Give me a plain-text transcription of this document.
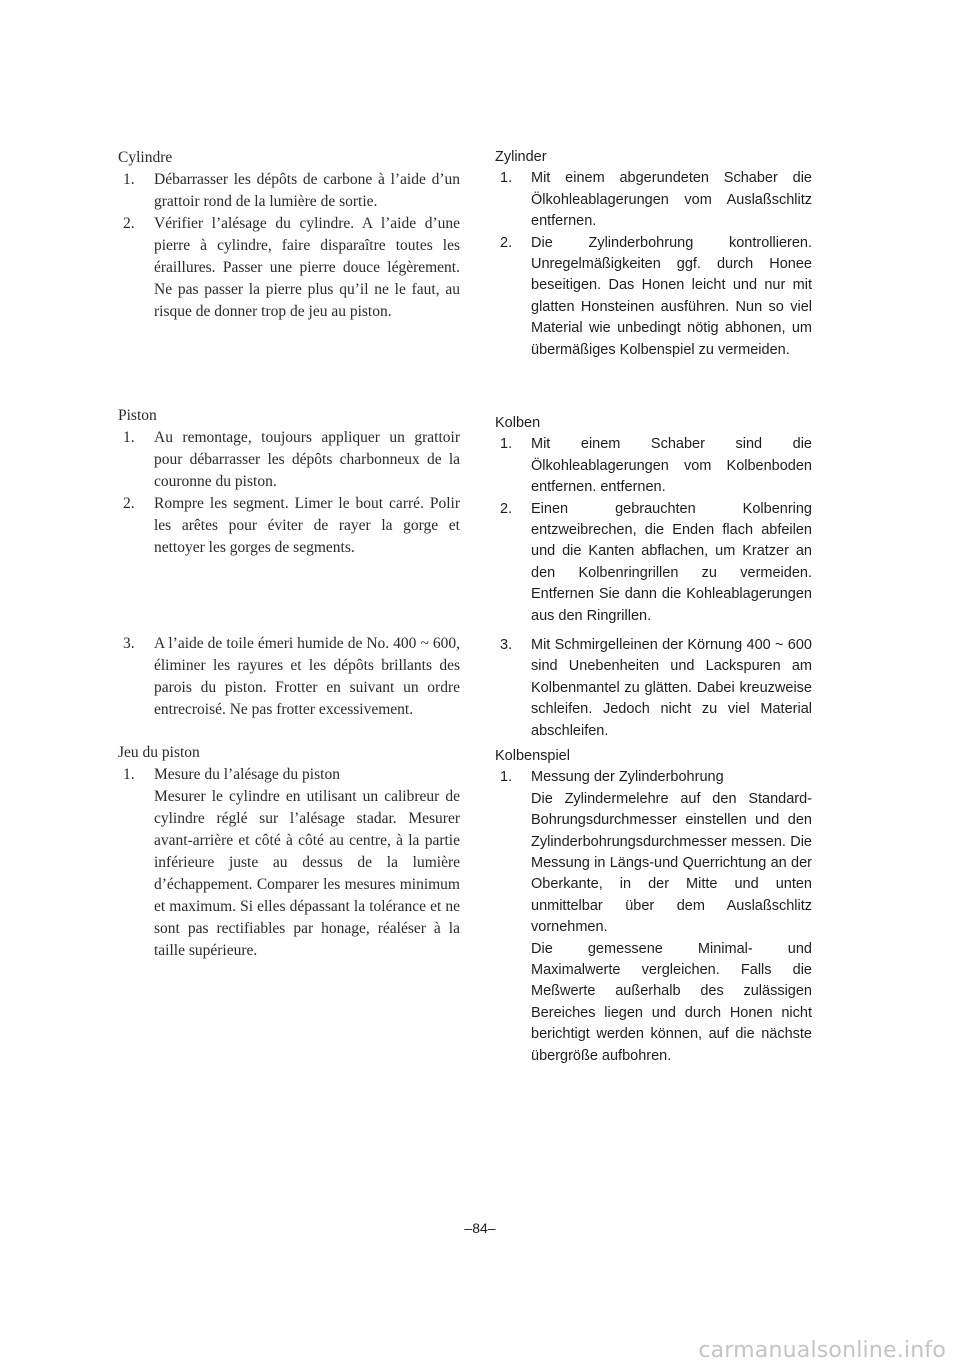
Cylindre
1. Débarrasser les dépôts de carbone à l’aide d’un grattoir rond de la lumière de sortie.
2. Vérifier l’alésage du cylindre. A l’aide d’une pierre à cylindre, faire disparaître toutes les éraillures. Passer une pierre douce légèrement. Ne pas passer la pierre plus qu’il ne le faut, au risque de donner trop de jeu au piston.
Piston
1. Au remontage, toujours appliquer un grattoir pour débarrasser les dépôts charbonneux de la couronne du piston.
2. Rompre les segment. Limer le bout carré. Polir les arêtes pour éviter de rayer la gorge et nettoyer les gorges de segments.
3. A l’aide de toile émeri humide de No. 400 ~ 600, éliminer les rayures et les dépôts brillants des parois du piston. Frotter en suivant un ordre entrecroisé. Ne pas frotter excessivement.
Jeu du piston
1. Mesure du l’alésage du piston
Mesurer le cylindre en utilisant un calibreur de cylindre réglé sur l’alésage stadar. Mesurer avant-arrière et côté à côté au centre, à la partie inférieure juste au dessus de la lumière d’échappement. Comparer les mesures minimum et maximum. Si elles dépassant la tolérance et ne sont pas rectifiables par honage, réaléser à la taille supérieure.
Zylinder
1. Mit einem abgerundeten Schaber die Ölkohleablagerungen vom Auslaßschlitz entfernen.
2. Die Zylinderbohrung kontrollieren. Unregelmäßigkeiten ggf. durch Honee beseitigen. Das Honen leicht und nur mit glatten Honsteinen ausführen. Nun so viel Material wie unbedingt nötig abhonen, um übermäßiges Kolbenspiel zu vermeiden.
Kolben
1. Mit einem Schaber sind die Ölkohleablagerungen vom Kolbenboden entfernen. entfernen.
2. Einen gebrauchten Kolbenring entzweibrechen, die Enden flach abfeilen und die Kanten abflachen, um Kratzer an den Kolbenringrillen zu vermeiden. Entfernen Sie dann die Kohleablagerungen aus den Ringrillen.
3. Mit Schmirgelleinen der Körnung 400 ~ 600 sind Unebenheiten und Lackspuren am Kolbenmantel zu glätten. Dabei kreuzweise schleifen. Jedoch nicht zu viel Material abschleifen.
Kolbenspiel
1. Messung der Zylinderbohrung
Die Zylindermelehre auf den Standard-Bohrungsdurchmesser einstellen und den Zylinderbohrungsdurchmesser messen. Die Messung in Längs-und Querrichtung an der Oberkante, in der Mitte und unten unmittelbar über dem Auslaßschlitz vornehmen.
Die gemessene Minimal- und Maximalwerte vergleichen. Falls die Meßwerte außerhalb des zulässigen Bereiches liegen und durch Honen nicht berichtigt werden können, auf die nächste übergröße aufbohren.
–84–
carmanualsonline.info
